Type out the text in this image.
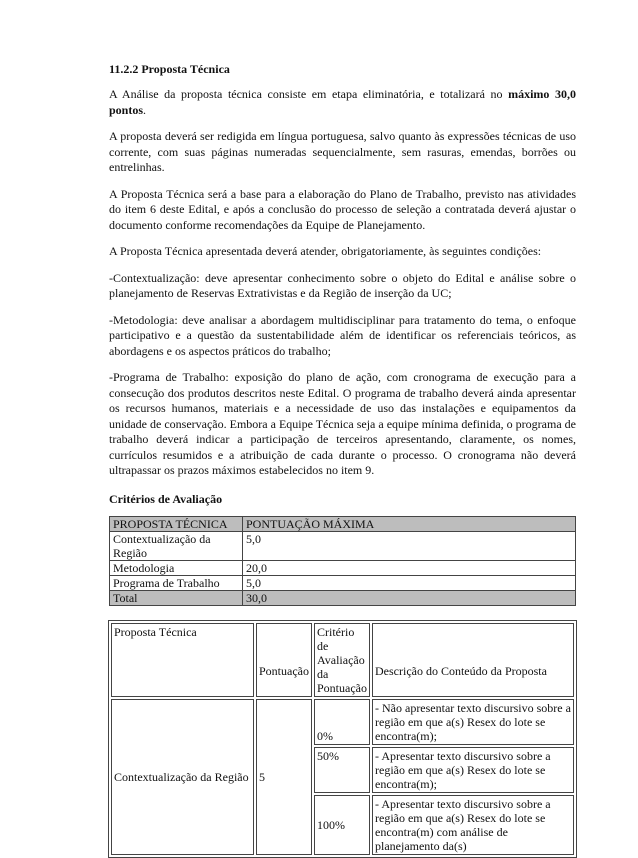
11.2.2 Proposta Técnica

A Análise da proposta técnica consiste em etapa eliminatória, e totalizará no máximo 30,0 pontos.

A proposta deverá ser redigida em língua portuguesa, salvo quanto às expressões técnicas de uso corrente, com suas páginas numeradas sequencialmente, sem rasuras, emendas, borrões ou entrelinhas.

A Proposta Técnica será a base para a elaboração do Plano de Trabalho, previsto nas atividades do item 6 deste Edital, e após a conclusão do processo de seleção a contratada deverá ajustar o documento conforme recomendações da Equipe de Planejamento.

A Proposta Técnica apresentada deverá atender, obrigatoriamente, às seguintes condições:

-Contextualização: deve apresentar conhecimento sobre o objeto do Edital e análise sobre o planejamento de Reservas Extrativistas e da Região de inserção da UC;

-Metodologia: deve analisar a abordagem multidisciplinar para tratamento do tema, o enfoque participativo e a questão da sustentabilidade além de identificar os referenciais teóricos, as abordagens e os aspectos práticos do trabalho;

-Programa de Trabalho: exposição do plano de ação, com cronograma de execução para a consecução dos produtos descritos neste Edital. O programa de trabalho deverá ainda apresentar os recursos humanos, materiais e a necessidade de uso das instalações e equipamentos da unidade de conservação. Embora a Equipe Técnica seja a equipe mínima definida, o programa de trabalho deverá indicar a participação de terceiros apresentando, claramente, os nomes, currículos resumidos e a atribuição de cada durante o processo. O cronograma não deverá ultrapassar os prazos máximos estabelecidos no item 9.

Critérios de Avaliação
PROPOSTA TÉCNICA	PONTUAÇÃO MÁXIMA
Contextualização da Região	5,0
Metodologia	20,0
Programa de Trabalho	5,0
Total	30,0
Proposta Técnica	Pontuação	Critério de Avaliação da Pontuação	Descrição do Conteúdo da Proposta
Contextualização da Região	5	0%	- Não apresentar texto discursivo sobre a região em que a(s) Resex do lote se encontra(m);
		50%	- Apresentar texto discursivo sobre a região em que a(s) Resex do lote se encontra(m);
		100%	- Apresentar texto discursivo sobre a região em que a(s) Resex do lote se encontra(m) com análise de planejamento da(s)
